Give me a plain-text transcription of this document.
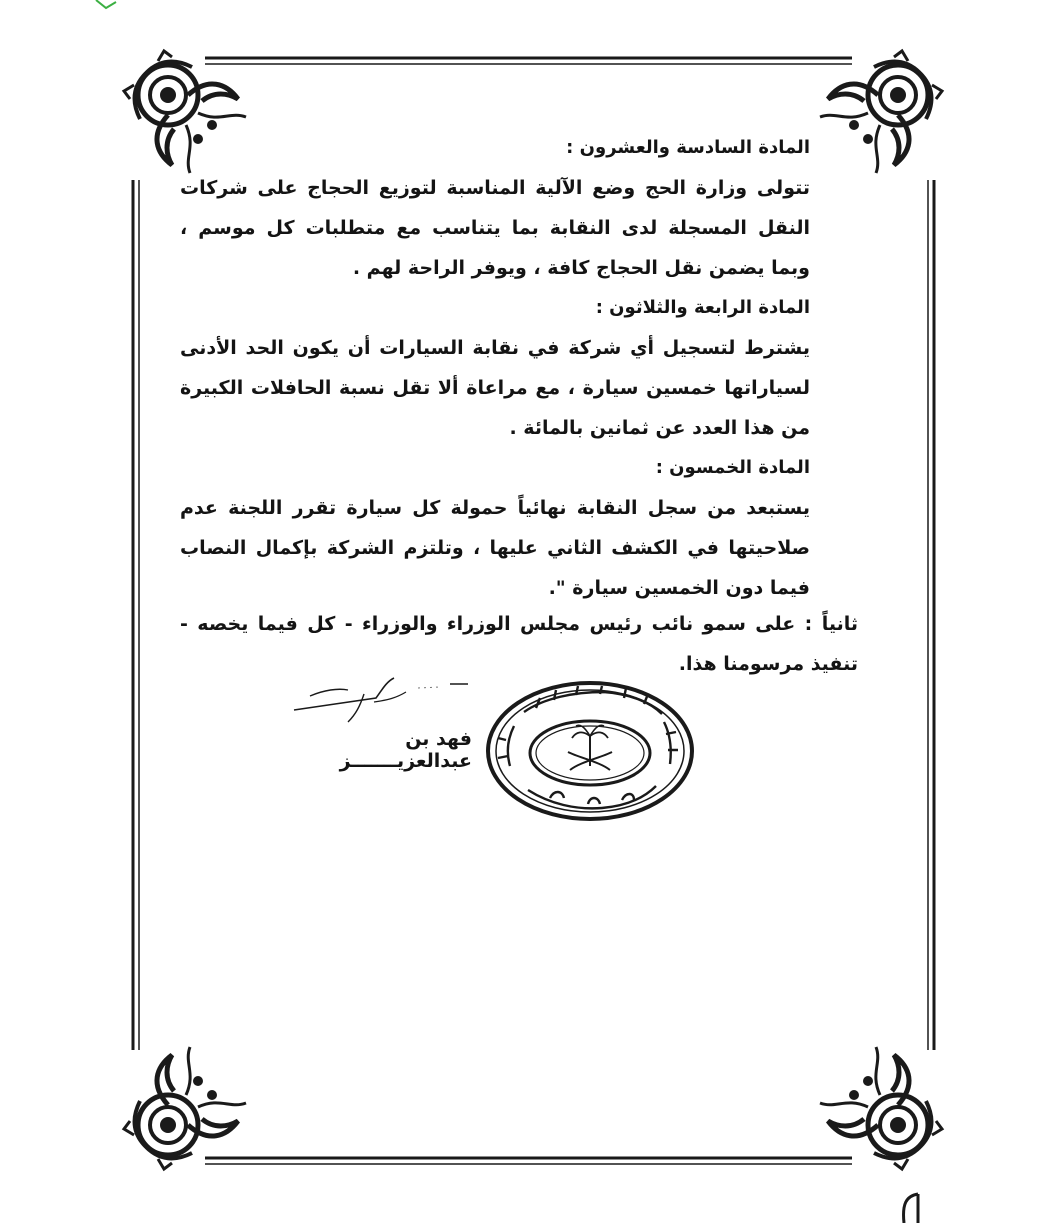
المادة السادسة والعشرون :

تتولى وزارة الحج وضع الآلية المناسبة لتوزيع الحجاج على شركات النقل المسجلة لدى النقابة بما يتناسب مع متطلبات كل موسم ، وبما يضمن نقل الحجاج كافة ، ويوفر الراحة لهم .

المادة الرابعة والثلاثون :

يشترط لتسجيل أي شركة في نقابة السيارات أن يكون الحد الأدنى لسياراتها خمسين سيارة ، مع مراعاة ألا تقل نسبة الحافلات الكبيرة من هذا العدد عن ثمانين بالمائة .

المادة الخمسون :

يستبعد من سجل النقابة نهائياً حمولة كل سيارة تقرر اللجنة عدم صلاحيتها في الكشف الثاني عليها ، وتلتزم الشركة بإكمال النصاب فيما دون الخمسين سيارة ".

ثانياً : على سمو نائب رئيس مجلس الوزراء والوزراء - كل فيما يخصه - تنفيذ مرسومنا هذا.

فهد بن عبدالعزيـــــــز
